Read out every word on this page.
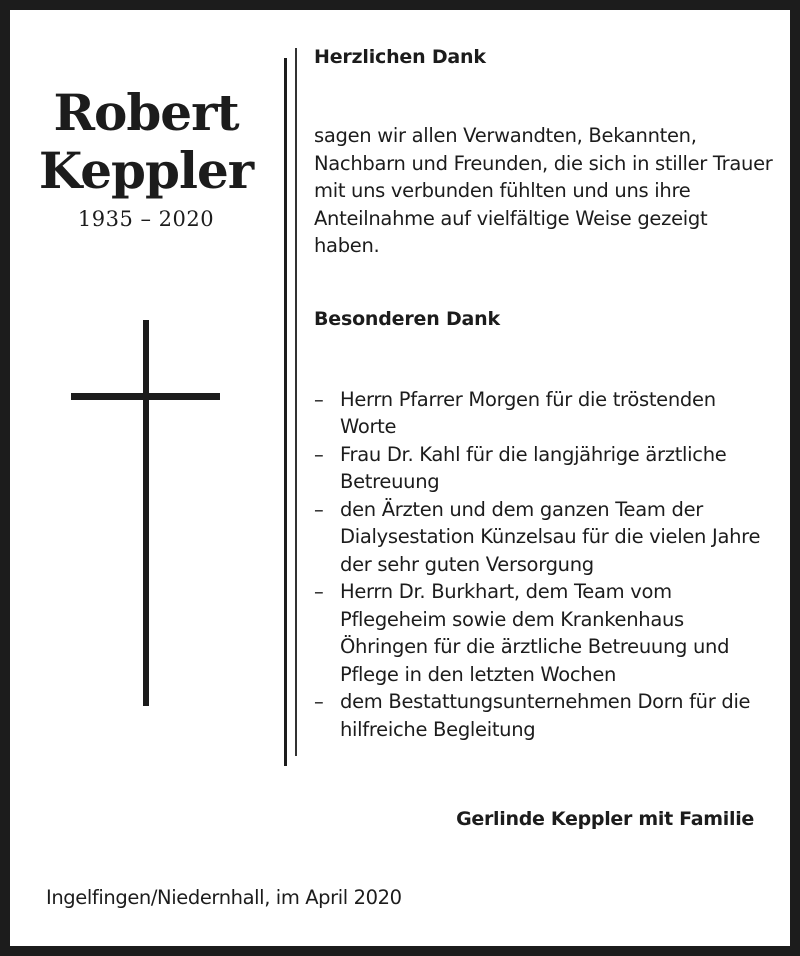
Robert
Keppler
1935 – 2020
Herzlichen Dank

sagen wir allen Verwandten, Bekannten, Nachbarn und Freunden, die sich in stiller Trauer mit uns verbunden fühlten und uns ihre Anteilnahme auf vielfältige Weise gezeigt haben.

Besonderen Dank
– Herrn Pfarrer Morgen für die tröstenden Worte
– Frau Dr. Kahl für die langjährige ärztliche Betreuung
– den Ärzten und dem ganzen Team der Dialysestation Künzelsau für die vielen Jahre der sehr guten Versorgung
– Herrn Dr. Burkhart, dem Team vom Pflegeheim sowie dem Krankenhaus Öhringen für die ärztliche Betreuung und Pflege in den letzten Wochen
– dem Bestattungsunternehmen Dorn für die hilfreiche Begleitung
Gerlinde Keppler mit Familie
Ingelfingen/Niedernhall, im April 2020
